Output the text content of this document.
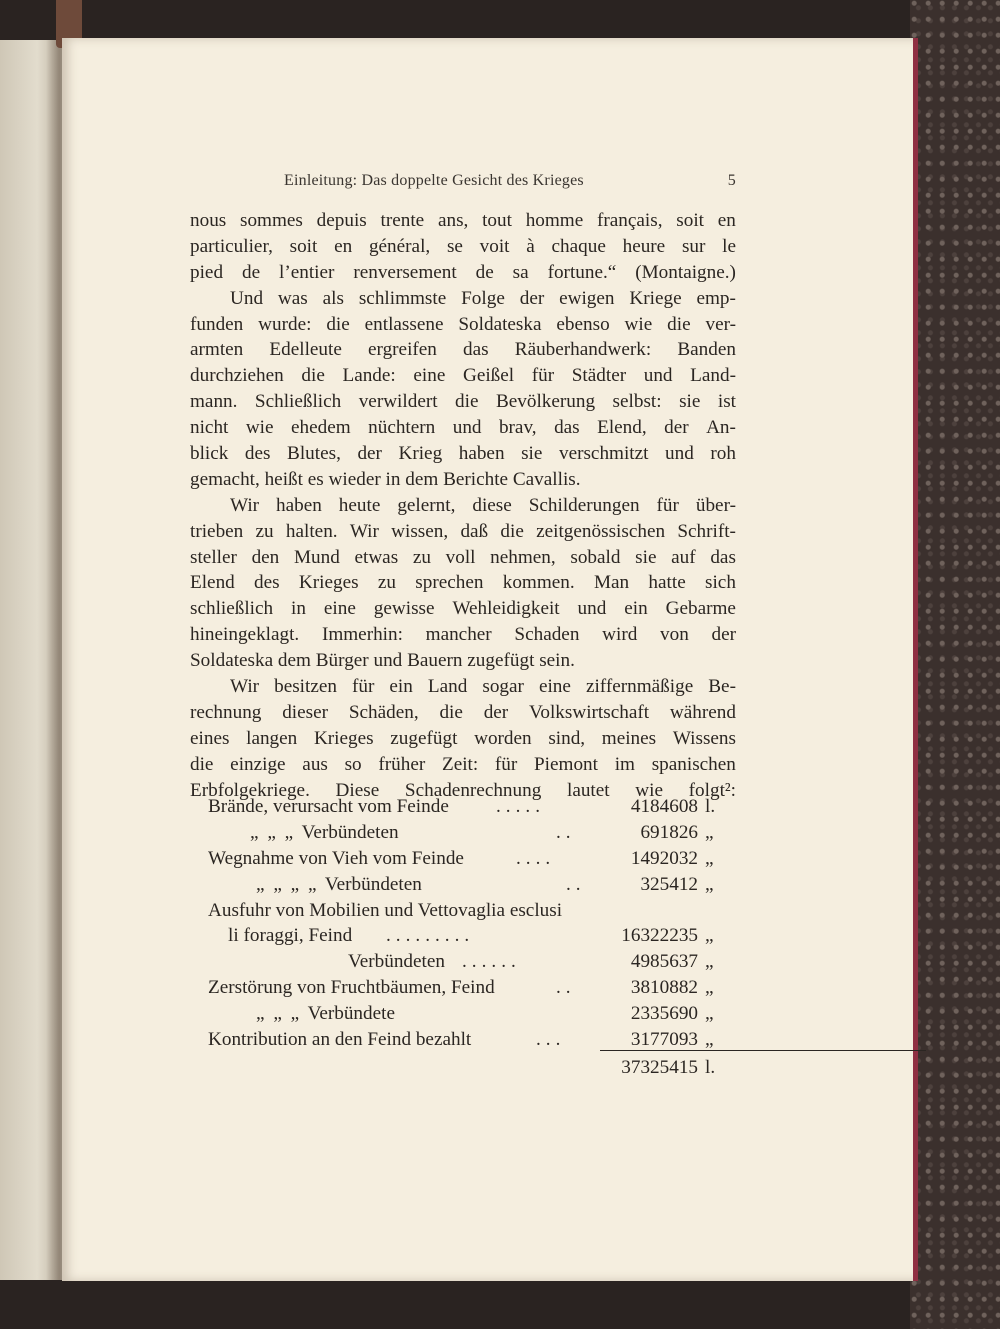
Einleitung: Das doppelte Gesicht des Krieges	5
nous sommes depuis trente ans, tout homme français, soit en
particulier, soit en général, se voit à chaque heure sur le
pied de l’entier renversement de sa fortune.“ (Montaigne.)
Und was als schlimmste Folge der ewigen Kriege emp-
funden wurde: die entlassene Soldateska ebenso wie die ver-
armten Edelleute ergreifen das Räuberhandwerk: Banden
durchziehen die Lande: eine Geißel für Städter und Land-
mann. Schließlich verwildert die Bevölkerung selbst: sie ist
nicht wie ehedem nüchtern und brav, das Elend, der An-
blick des Blutes, der Krieg haben sie verschmitzt und roh
gemacht, heißt es wieder in dem Berichte Cavallis.
Wir haben heute gelernt, diese Schilderungen für über-
trieben zu halten. Wir wissen, daß die zeitgenössischen Schrift-
steller den Mund etwas zu voll nehmen, sobald sie auf das
Elend des Krieges zu sprechen kommen. Man hatte sich
schließlich in eine gewisse Wehleidigkeit und ein Gebarme
hineingeklagt. Immerhin: mancher Schaden wird von der
Soldateska dem Bürger und Bauern zugefügt sein.
Wir besitzen für ein Land sogar eine ziffernmäßige Be-
rechnung dieser Schäden, die der Volkswirtschaft während
eines langen Krieges zugefügt worden sind, meines Wissens
die einzige aus so früher Zeit: für Piemont im spanischen
Erbfolgekriege. Diese Schadenrechnung lautet wie folgt²:
Brände, verursacht vom Feinde .....	4184608 l.
„ „ „ Verbündeten	..	691826 „
Wegnahme von Vieh vom Feinde	....	1492032 „
„ „ „ „ Verbündeten	..	325412 „
Ausfuhr von Mobilien und Vettovaglia esclusi
li foraggi, Feind .........	16322235 „
Verbündeten ......	4985637 „
Zerstörung von Fruchtbäumen, Feind	..	3810882 „
„ „ „ Verbündete	2335690 „
Kontribution an den Feind bezahlt	...	3177093 „
37325415 l.
